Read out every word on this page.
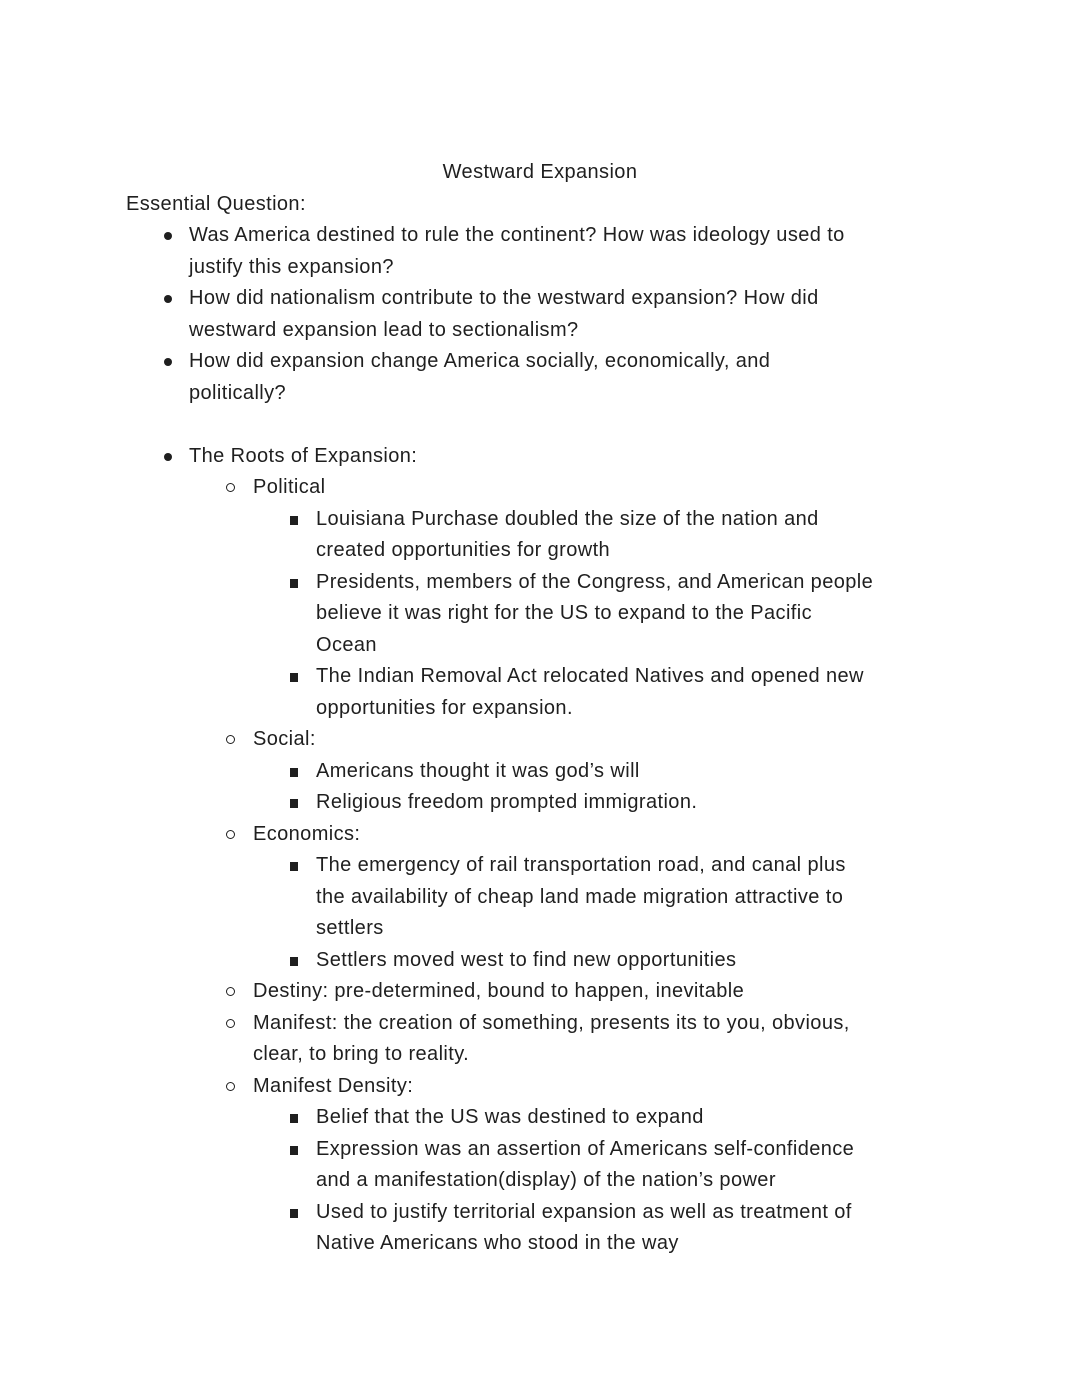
Westward Expansion
Essential Question:
Was America destined to rule the continent? How was ideology used to
justify this expansion?
How did nationalism contribute to the westward expansion? How did
westward expansion lead to sectionalism?
How did expansion change America socially, economically, and
politically?
The Roots of Expansion:
Political
Louisiana Purchase doubled the size of the nation and
created opportunities for growth
Presidents, members of the Congress, and American people
believe it was right for the US to expand to the Pacific
Ocean
The Indian Removal Act relocated Natives and opened new
opportunities for expansion.
Social:
Americans thought it was god’s will
Religious freedom prompted immigration.
Economics:
The emergency of rail transportation road, and canal plus
the availability of cheap land made migration attractive to
settlers
Settlers moved west to find new opportunities
Destiny: pre-determined, bound to happen, inevitable
Manifest: the creation of something, presents its to you, obvious,
clear, to bring to reality.
Manifest Density:
Belief that the US was destined to expand
Expression was an assertion of Americans self-confidence
and a manifestation(display) of the nation’s power
Used to justify territorial expansion as well as treatment of
Native Americans who stood in the way
